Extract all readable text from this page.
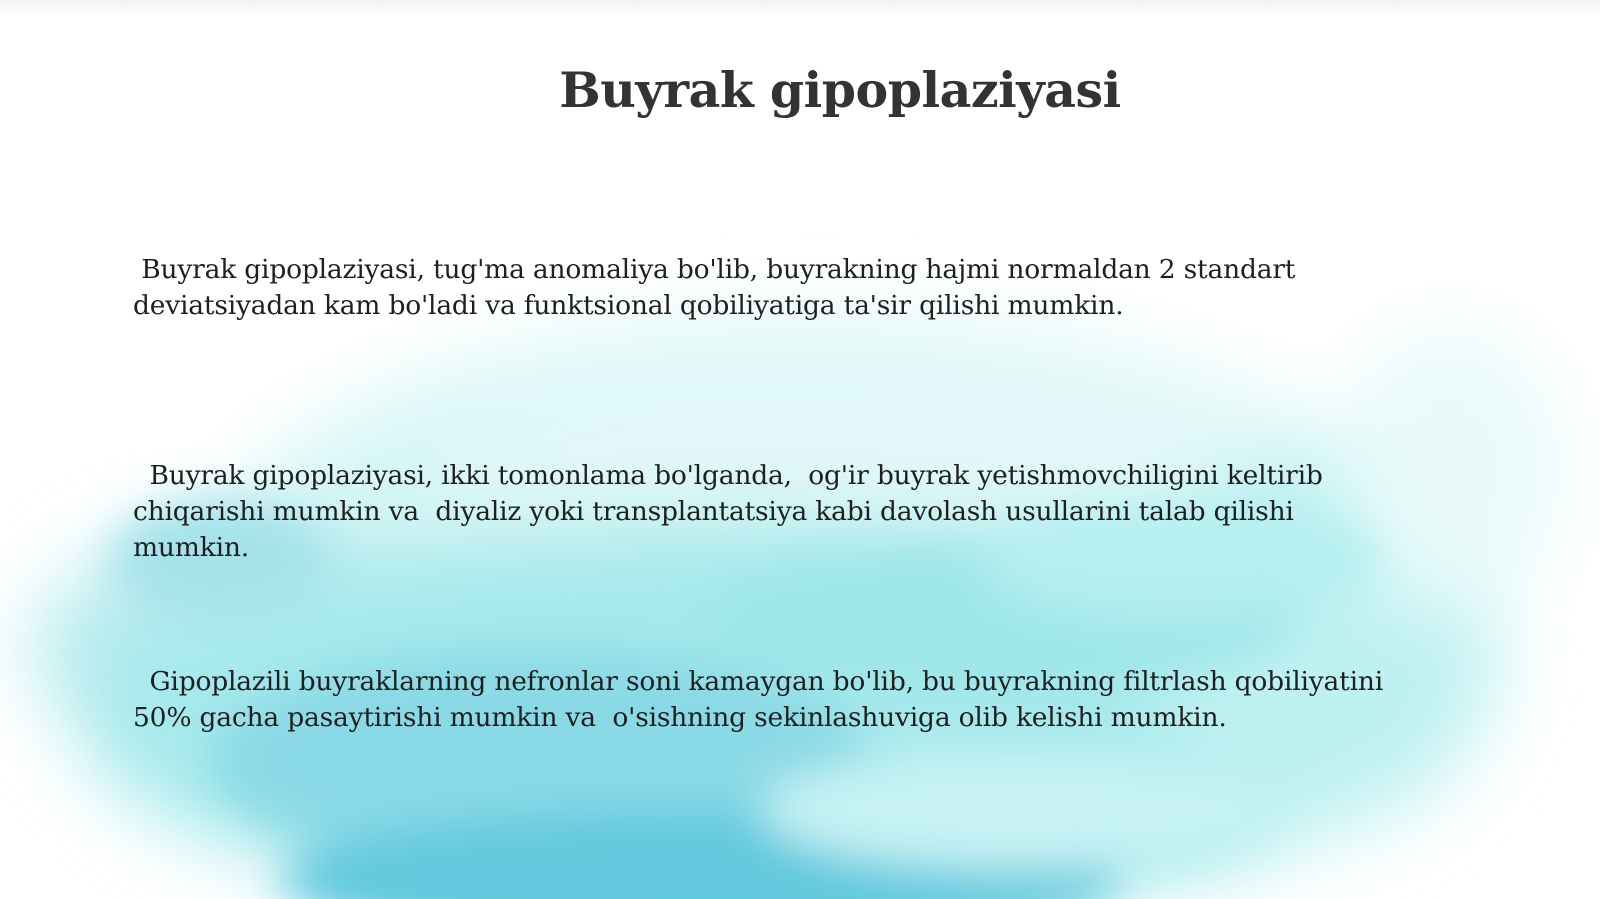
Buyrak gipoplaziyasi

Buyrak gipoplaziyasi, tug'ma anomaliya bo'lib, buyrakning hajmi normaldan 2 standart
deviatsiyadan kam bo'ladi va funktsional qobiliyatiga ta'sir qilishi mumkin.

Buyrak gipoplaziyasi, ikki tomonlama bo'lganda,  og'ir buyrak yetishmovchiligini keltirib
chiqarishi mumkin va  diyaliz yoki transplantatsiya kabi davolash usullarini talab qilishi
mumkin.

Gipoplazili buyraklarning nefronlar soni kamaygan bo'lib, bu buyrakning filtrlash qobiliyatini
50% gacha pasaytirishi mumkin va  o'sishning sekinlashuviga olib kelishi mumkin.
